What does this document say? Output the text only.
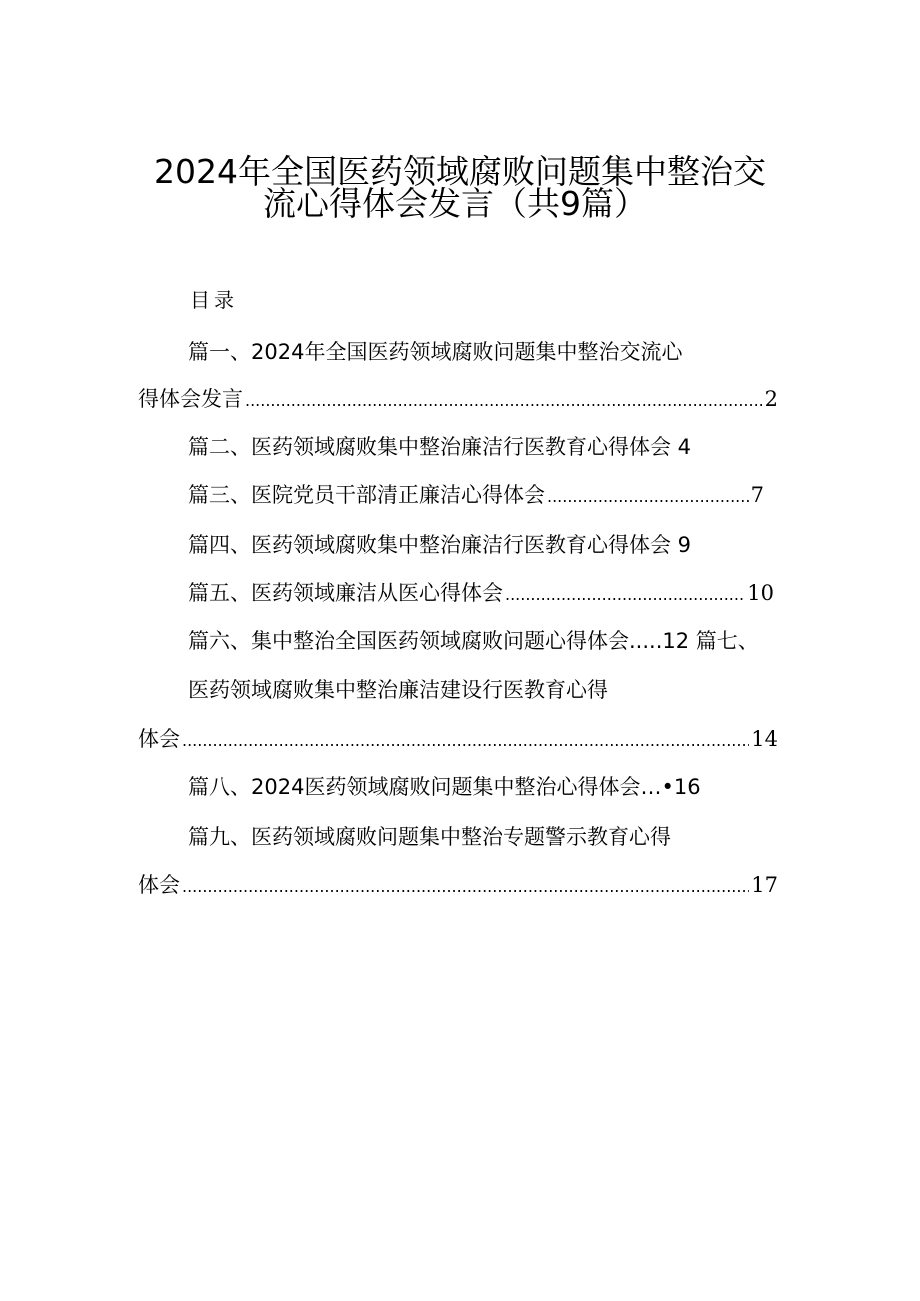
2024年全国医药领域腐败问题集中整治交
流心得体会发言（共9篇）
目录
篇一、2024年全国医药领域腐败问题集中整治交流心
得体会发言 .....	2
篇二、医药领域腐败集中整治廉洁行医教育心得体会 4
篇三、医院党员干部清正廉洁心得体会 .....	7
篇四、医药领域腐败集中整治廉洁行医教育心得体会 9
篇五、医药领域廉洁从医心得体会 .....	10
篇六、集中整治全国医药领域腐败问题心得体会.....12 篇七、
医药领域腐败集中整治廉洁建设行医教育心得
体会 .....	14
篇八、2024医药领域腐败问题集中整治心得体会…•16
篇九、医药领域腐败问题集中整治专题警示教育心得
体会 .....	17
